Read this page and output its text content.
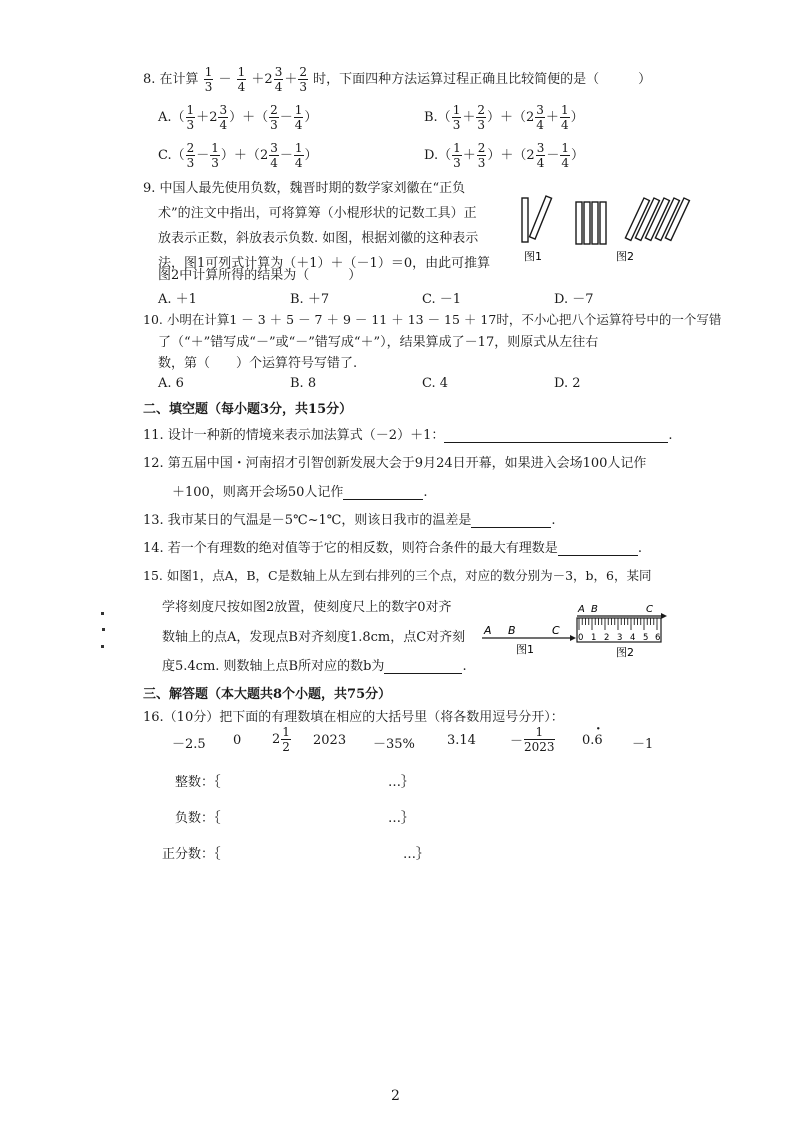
8. 在计算 $\frac{1}{3} - \frac{1}{4} +2 \frac{3}{4} + \frac{2}{3}$ 时，下面四种方法运算过程正确且比较简便的是（　　　）
$A.( \frac{1}{3} +2 \frac{3}{4}$ ）＋（ $\frac{2}{3} - \frac{1}{4}$ ）	$B.( \frac{1}{3} + \frac{2}{3} )+(2 \frac{3}{4} + \frac{1}{4}$ ）
$C.( \frac{2}{3} - \frac{1}{3} )+(2 \frac{3}{4} - \frac{1}{4}$ ）	$D.( \frac{1}{3} + \frac{2}{3} )+(2 \frac{3}{4} - \frac{1}{4}$ ）
9. 中国人最先使用负数，魏晋时期的数学家刘徽在“正负
术”的注文中指出，可将算筹（小棍形状的记数工具）正
放表示正数，斜放表示负数. 如图，根据刘徽的这种表示
法，图1可列式计算为（＋1）＋（－1）＝0，由此可推算
图2中计算所得的结果为（　　　）
图1	图2
A. ＋1	B. ＋7	C. －1	D. －7
10. 小明在计算1 － 3 ＋ 5 － 7 ＋ 9 － 11 ＋ 13 － 15 ＋ 17时，不小心把八个运算符号中的一个写错
了（“＋”错写成“－”或“－”错写成“＋”），结果算成了－17，则原式从左往右
数，第（　　）个运算符号写错了.
A. 6	B. 8	C. 4	D. 2
二、填空题（每小题3分，共15分）
11. 设计一种新的情境来表示加法算式（－2）＋1：	.
12. 第五届中国・河南招才引智创新发展大会于9月24日开幕，如果进入会场100人记作
＋100，则离开会场50人记作	.
13. 我市某日的气温是－5℃~1℃，则该日我市的温差是	.
14. 若一个有理数的绝对值等于它的相反数，则符合条件的最大有理数是	.
15. 如图1，点A，B，C是数轴上从左到右排列的三个点，对应的数分别为－3，b，6，某同
学将刻度尺按如图2放置，使刻度尺上的数字0对齐
数轴上的点A，发现点B对齐刻度1.8cm，点C对齐刻
度5.4cm. 则数轴上点B所对应的数b为	.
A B	C
图1
A B	C
0 1 2 3 4 5 6
图2
三、解答题（本大题共8个小题，共75分）
16.（10分）把下面的有理数填在相应的大括号里（将各数用逗号分开）：
－2.5 0 $2 \frac{1}{2} 2023 -35\%$ 3.14	－ $\frac{1}{2023} 0.6$
·
－1
整数：｛	…｝
负数：｛	…｝
正分数：｛	…｝
2
